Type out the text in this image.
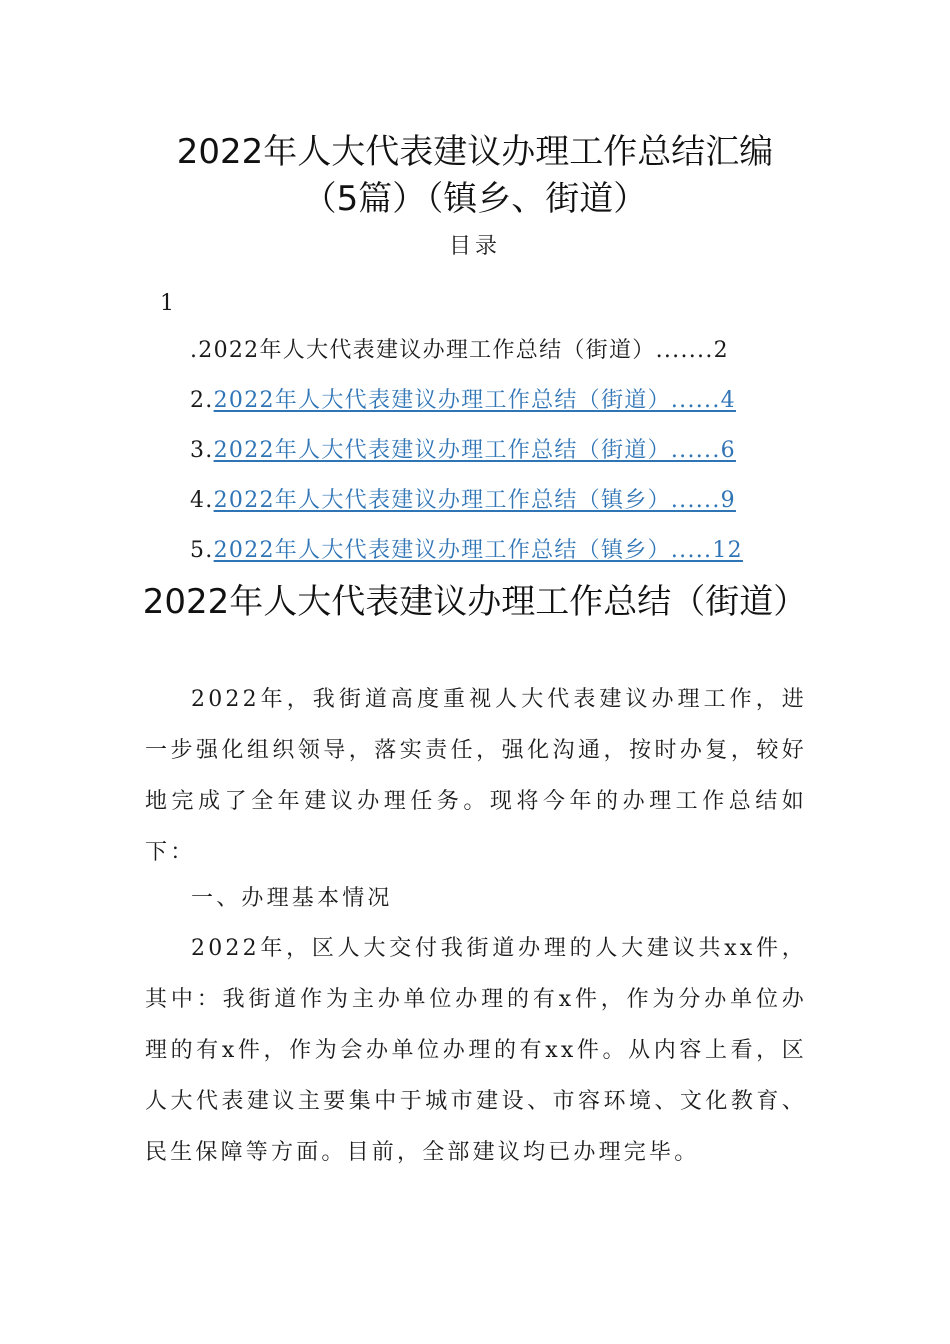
2022年人大代表建议办理工作总结汇编
（5篇）（镇乡、街道）
目录
1
.2022年人大代表建议办理工作总结（街道）.......2
2.2022年人大代表建议办理工作总结（街道）......4
3.2022年人大代表建议办理工作总结（街道）......6
4.2022年人大代表建议办理工作总结（镇乡）......9
5.2022年人大代表建议办理工作总结（镇乡）.....12
2022年人大代表建议办理工作总结（街道）

2022年，我街道高度重视人大代表建议办理工作，进一步强化组织领导，落实责任，强化沟通，按时办复，较好地完成了全年建议办理任务。现将今年的办理工作总结如下：

一、办理基本情况

2022年，区人大交付我街道办理的人大建议共xx件，其中：我街道作为主办单位办理的有x件，作为分办单位办理的有x件，作为会办单位办理的有xx件。从内容上看，区人大代表建议主要集中于城市建设、市容环境、文化教育、民生保障等方面。目前，全部建议均已办理完毕。
